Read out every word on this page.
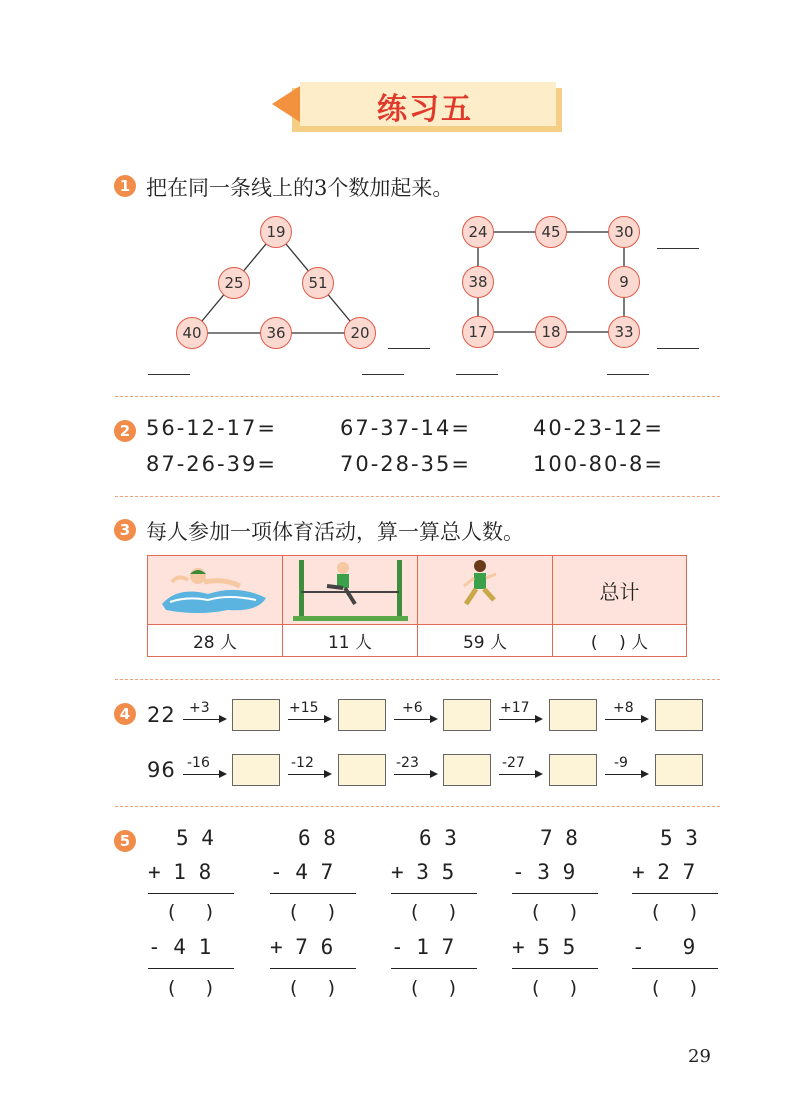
练习五
1 把在同一条线上的3个数加起来。
19
25	51
40	36	20
24	45	30
38	9
17	18	33
2 56-12-17=	67-37-14=	40-23-12=
87-26-39=	70-28-35=	100-80-8=
3 每人参加一项体育活动，算一算总人数。
总计
28 人	11 人	59 人	(    ) 人
4 22 +3	+15	+6	+17	+8
96 -16	-12	-23	-27	-9
5 5 4
+ 1 8
(     )
- 4 1
(     )
6 8
- 4 7
(     )
+ 7 6
(     )
6 3
+ 3 5
(     )
- 1 7
(     )
7 8
- 3 9
(     )
+ 5 5
(     )
5 3
+ 2 7
(     )
-   9
(     )
29
